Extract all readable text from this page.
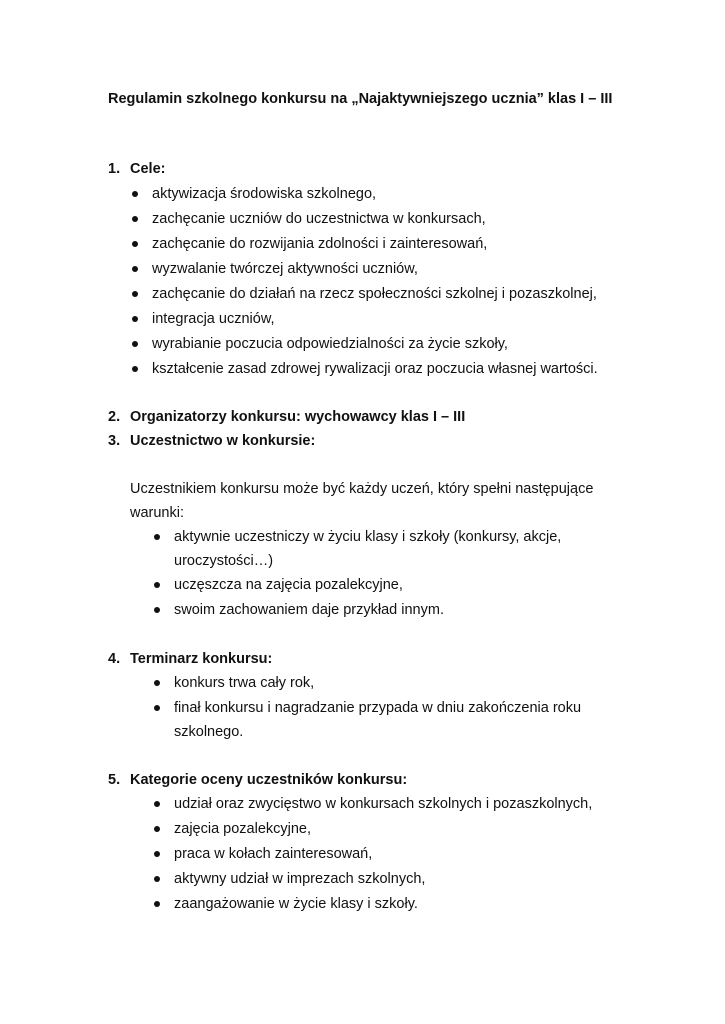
Regulamin szkolnego konkursu na „Najaktywniejszego ucznia” klas I – III
1. Cele:
aktywizacja środowiska szkolnego,
zachęcanie uczniów do uczestnictwa w konkursach,
zachęcanie do rozwijania zdolności i zainteresowań,
wyzwalanie twórczej aktywności uczniów,
zachęcanie do działań na rzecz społeczności szkolnej i pozaszkolnej,
integracja uczniów,
wyrabianie poczucia odpowiedzialności za życie szkoły,
kształcenie zasad zdrowej rywalizacji oraz poczucia własnej wartości.
2. Organizatorzy konkursu: wychowawcy klas I – III
3. Uczestnictwo w konkursie:
Uczestnikiem konkursu może być każdy uczeń, który spełni następujące
warunki:
aktywnie uczestniczy w życiu klasy i szkoły (konkursy, akcje,
uroczystości…)
uczęszcza na zajęcia pozalekcyjne,
swoim zachowaniem daje przykład innym.
4. Terminarz konkursu:
konkurs trwa cały rok,
finał konkursu i nagradzanie przypada w dniu zakończenia roku
szkolnego.
5. Kategorie oceny uczestników konkursu:
udział oraz zwycięstwo w konkursach szkolnych i pozaszkolnych,
zajęcia pozalekcyjne,
praca w kołach zainteresowań,
aktywny udział w imprezach szkolnych,
zaangażowanie w życie klasy i szkoły.
